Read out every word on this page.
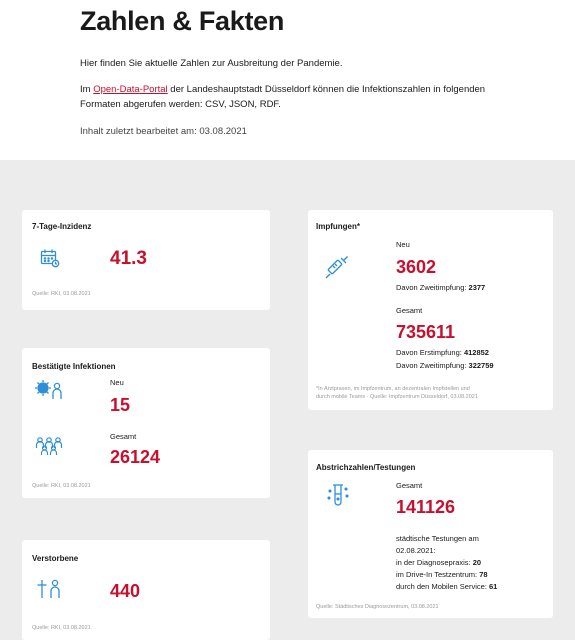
Zahlen & Fakten
Hier finden Sie aktuelle Zahlen zur Ausbreitung der Pandemie.
Im Open-Data-Portal der Landeshauptstadt Düsseldorf können die Infektionszahlen in folgenden Formaten abgerufen werden: CSV, JSON, RDF.
Inhalt zuletzt bearbeitet am: 03.08.2021
7-Tage-Inzidenz
41.3
Quelle: RKI, 03.08.2021
Bestätigte Infektionen
Neu
15
Gesamt
26124
Quelle: RKI, 03.08.2021
Verstorbene
440
Quelle: RKI, 03.08.2021
Impfungen*
Neu
3602
Davon Zweitimpfung: 2377
Gesamt
735611
Davon Erstimpfung: 412852
Davon Zweitimpfung: 322759
*In Arztpraxen, im Impfzentrum, an dezentralen Impfstellen und
durch mobile Teams · Quelle: Impfzentrum Düsseldorf, 03.08.2021
Abstrichzahlen/Testungen
Gesamt
141126
städtische Testungen am
02.08.2021:
in der Diagnosepraxis: 20
im Drive-In Testzentrum: 78
durch den Mobilen Service: 61
Quelle: Städtisches Diagnosezentrum, 03.08.2021
